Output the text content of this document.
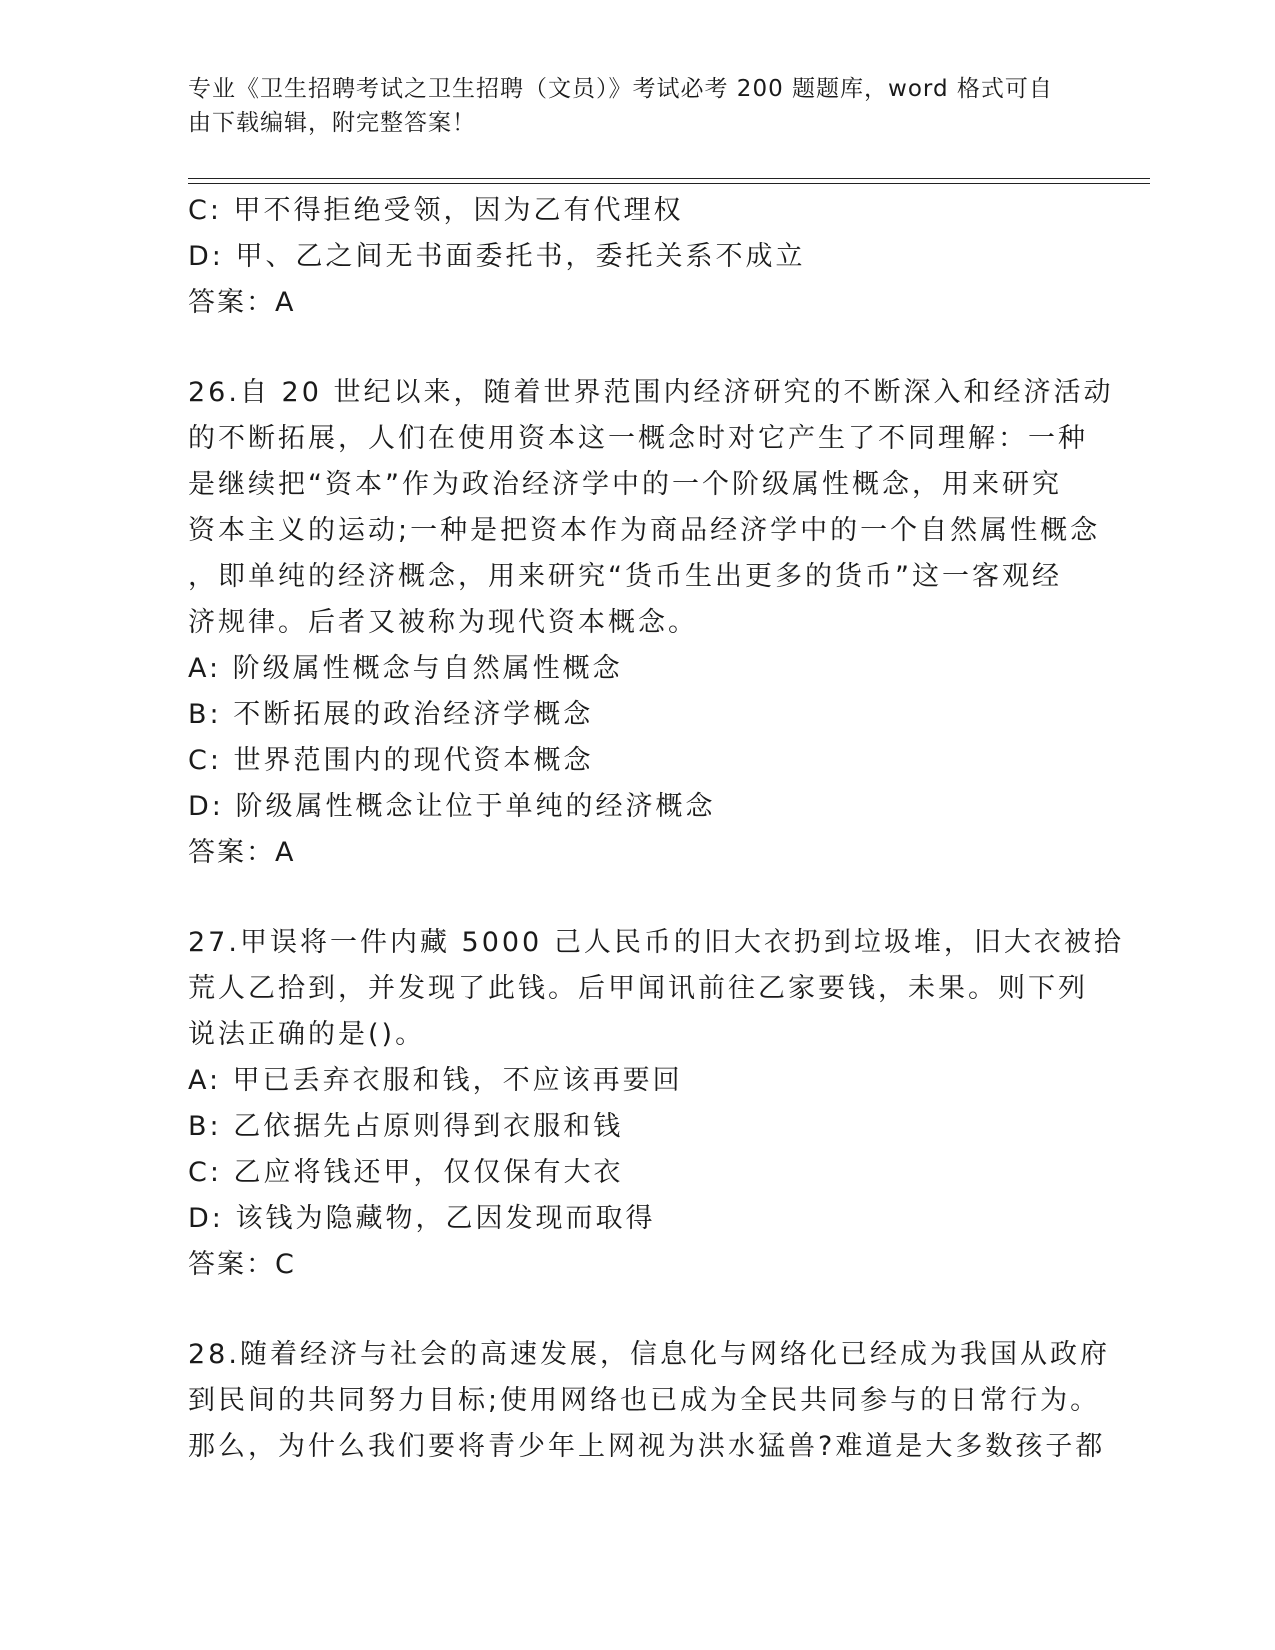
专业《卫生招聘考试之卫生招聘（文员）》考试必考 200 题题库，word 格式可自
由下载编辑，附完整答案！
C: 甲不得拒绝受领，因为乙有代理权
D: 甲、乙之间无书面委托书，委托关系不成立
答案：A
26.自 20 世纪以来，随着世界范围内经济研究的不断深入和经济活动
的不断拓展，人们在使用资本这一概念时对它产生了不同理解：一种
是继续把“资本”作为政治经济学中的一个阶级属性概念，用来研究
资本主义的运动;一种是把资本作为商品经济学中的一个自然属性概念
，即单纯的经济概念，用来研究“货币生出更多的货币”这一客观经
济规律。后者又被称为现代资本概念。
A: 阶级属性概念与自然属性概念
B: 不断拓展的政治经济学概念
C: 世界范围内的现代资本概念
D: 阶级属性概念让位于单纯的经济概念
答案：A
27.甲误将一件内藏 5000 己人民币的旧大衣扔到垃圾堆，旧大衣被拾
荒人乙拾到，并发现了此钱。后甲闻讯前往乙家要钱，未果。则下列
说法正确的是()。
A: 甲已丢弃衣服和钱，不应该再要回
B: 乙依据先占原则得到衣服和钱
C: 乙应将钱还甲，仅仅保有大衣
D: 该钱为隐藏物，乙因发现而取得
答案：C
28.随着经济与社会的高速发展，信息化与网络化已经成为我国从政府
到民间的共同努力目标;使用网络也已成为全民共同参与的日常行为。
那么，为什么我们要将青少年上网视为洪水猛兽?难道是大多数孩子都
